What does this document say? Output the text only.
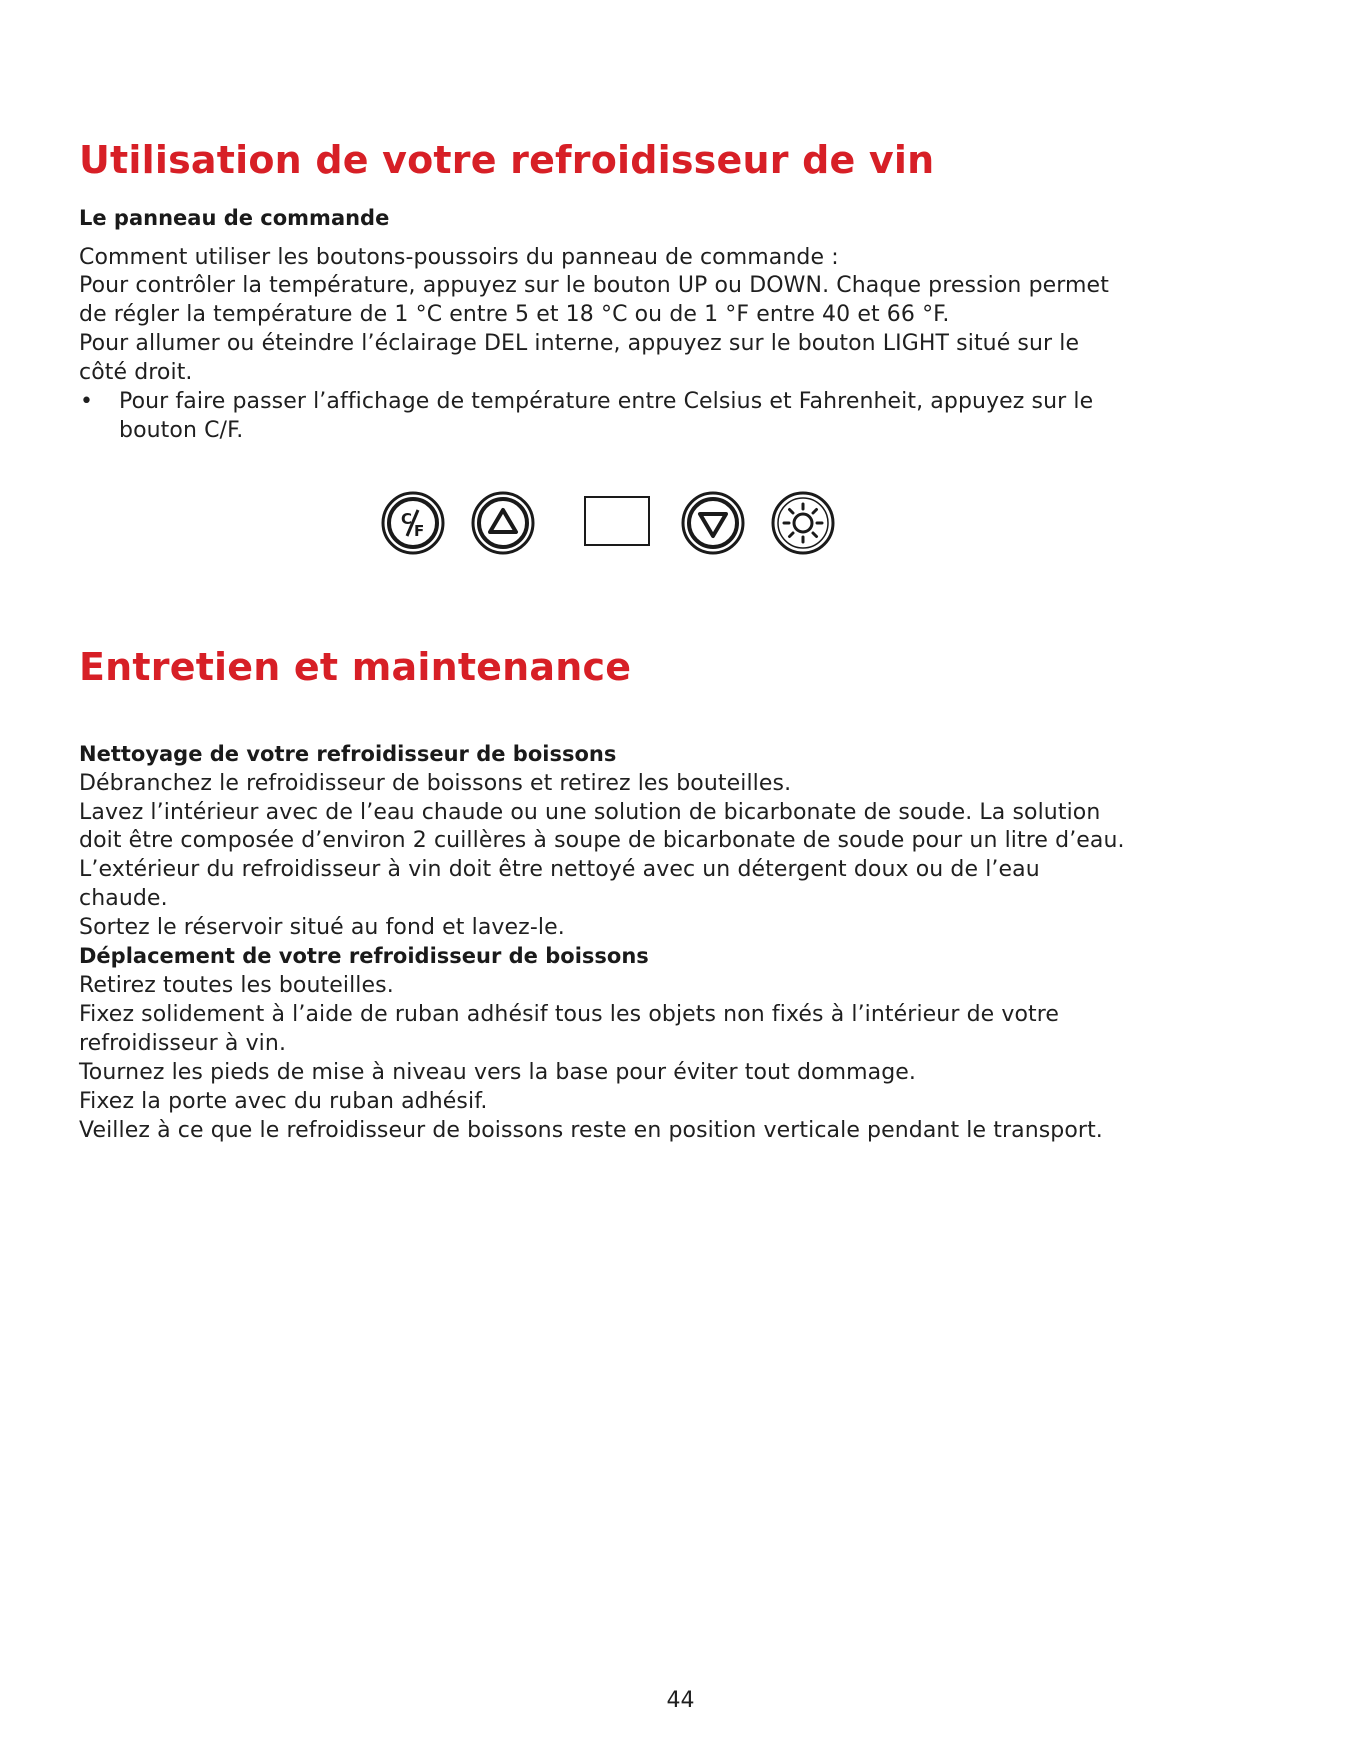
Utilisation de votre refroidisseur de vin
Le panneau de commande

Comment utiliser les boutons-poussoirs du panneau de commande :

Pour contrôler la température, appuyez sur le bouton UP ou DOWN. Chaque pression permet

de régler la température de 1 °C entre 5 et 18 °C ou de 1 °F entre 40 et 66 °F.

Pour allumer ou éteindre l’éclairage DEL interne, appuyez sur le bouton LIGHT situé sur le

côté droit.

• Pour faire passer l’affichage de température entre Celsius et Fahrenheit, appuyez sur le

bouton C/F.

C
F
Entretien et maintenance
Nettoyage de votre refroidisseur de boissons

Débranchez le refroidisseur de boissons et retirez les bouteilles.

Lavez l’intérieur avec de l’eau chaude ou une solution de bicarbonate de soude. La solution

doit être composée d’environ 2 cuillères à soupe de bicarbonate de soude pour un litre d’eau.

L’extérieur du refroidisseur à vin doit être nettoyé avec un détergent doux ou de l’eau

chaude.

Sortez le réservoir situé au fond et lavez-le.

Déplacement de votre refroidisseur de boissons

Retirez toutes les bouteilles.

Fixez solidement à l’aide de ruban adhésif tous les objets non fixés à l’intérieur de votre

refroidisseur à vin.

Tournez les pieds de mise à niveau vers la base pour éviter tout dommage.

Fixez la porte avec du ruban adhésif.

Veillez à ce que le refroidisseur de boissons reste en position verticale pendant le transport.

44
